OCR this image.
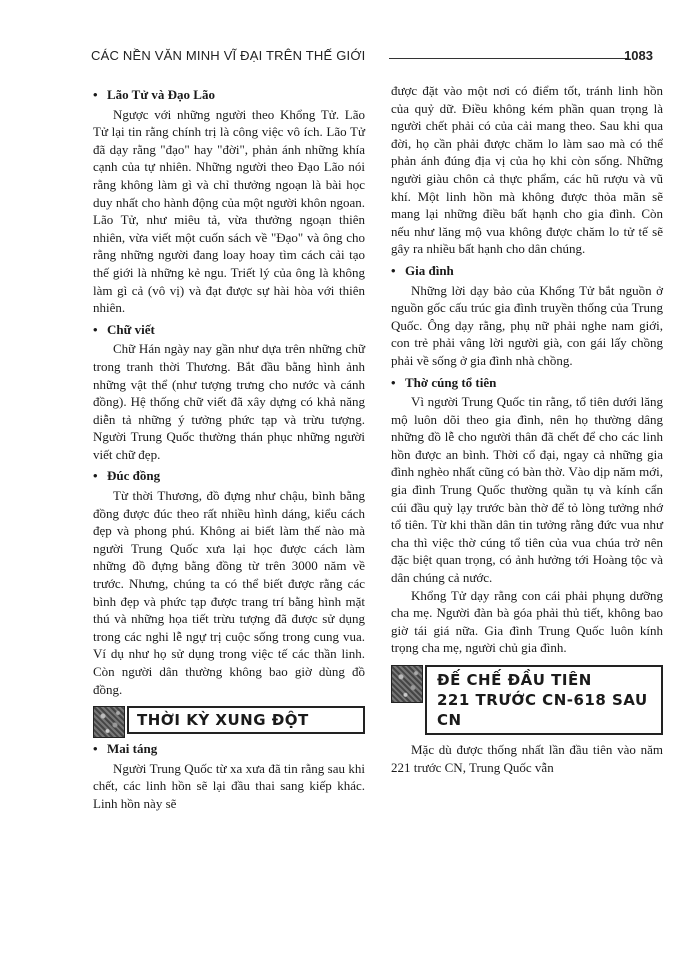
CÁC NỀN VĂN MINH VĨ ĐẠI TRÊN THẾ GIỚI	1083
• Lão Tử và Đạo Lão

Ngược với những người theo Khổng Tử. Lão Tử lại tin rằng chính trị là công việc vô ích. Lão Tử đã dạy rằng "đạo" hay "đời", phản ánh những khía cạnh của tự nhiên. Những người theo Đạo Lão nói rằng không làm gì và chỉ thưởng ngoạn là bài học duy nhất cho hành động của một người khôn ngoan. Lão Tử, như miêu tả, vừa thưởng ngoạn thiên nhiên, vừa viết một cuốn sách về "Đạo" và ông cho rằng những người đang loay hoay tìm cách cải tạo thế giới là những kẻ ngu. Triết lý của ông là không làm gì cả (vô vị) và đạt được sự hài hòa với thiên nhiên.

• Chữ viết

Chữ Hán ngày nay gần như dựa trên những chữ trong tranh thời Thương. Bắt đầu bằng hình ảnh những vật thể (như tượng trưng cho nước và cánh đồng). Hệ thống chữ viết đã xây dựng có khả năng diễn tả những ý tưởng phức tạp và trừu tượng. Người Trung Quốc thường thán phục những người viết chữ đẹp.

• Đúc đồng

Từ thời Thương, đồ đựng như chậu, bình bằng đồng được đúc theo rất nhiều hình dáng, kiểu cách đẹp và phong phú. Không ai biết làm thế nào mà người Trung Quốc xưa lại học được cách làm những đồ đựng bằng đồng từ trên 3000 năm về trước. Nhưng, chúng ta có thể biết được rằng các bình đẹp và phức tạp được trang trí bằng hình mặt thú và những họa tiết trừu tượng đã được sử dụng trong các nghi lễ ngự trị cuộc sống trong cung vua. Ví dụ như họ sử dụng trong việc tế các thần linh. Còn người dân thường không bao giờ dùng đồ đồng.

THỜI KỲ XUNG ĐỘT
• Mai táng

Người Trung Quốc từ xa xưa đã tin rằng sau khi chết, các linh hồn sẽ lại đầu thai sang kiếp khác. Linh hồn này sẽ

được đặt vào một nơi có điểm tốt, tránh linh hồn của quỷ dữ. Điều không kém phần quan trọng là người chết phải có của cải mang theo. Sau khi qua đời, họ cần phải được chăm lo làm sao mà có thể phản ánh đúng địa vị của họ khi còn sống. Những người giàu chôn cả thực phẩm, các hũ rượu và vũ khí. Một linh hồn mà không được thỏa mãn sẽ mang lại những điều bất hạnh cho gia đình. Còn nếu như lăng mộ vua không được chăm lo tử tế sẽ gây ra nhiều bất hạnh cho dân chúng.

• Gia đình

Những lời dạy bảo của Khổng Tử bắt nguồn ở nguồn gốc cấu trúc gia đình truyền thống của Trung Quốc. Ông dạy rằng, phụ nữ phải nghe nam giới, con trẻ phải vâng lời người già, con gái lấy chồng phải về sống ở gia đình nhà chồng.

• Thờ cúng tổ tiên

Vì người Trung Quốc tin rằng, tổ tiên dưới lăng mộ luôn dõi theo gia đình, nên họ thường dâng những đồ lễ cho người thân đã chết để cho các linh hồn được an bình. Thời cổ đại, ngay cả những gia đình nghèo nhất cũng có bàn thờ. Vào dịp năm mới, gia đình Trung Quốc thường quần tụ và kính cẩn cúi đầu quỳ lạy trước bàn thờ để tỏ lòng tưởng nhớ tổ tiên. Từ khi thần dân tin tưởng rằng đức vua như cha thì việc thờ cúng tổ tiên của vua chúa trở nên đặc biệt quan trọng, có ảnh hưởng tới Hoàng tộc và dân chúng cả nước.

Khổng Tử dạy rằng con cái phải phụng dưỡng cha mẹ. Người đàn bà góa phải thủ tiết, không bao giờ tái giá nữa. Gia đình Trung Quốc luôn kính trọng cha mẹ, người chủ gia đình.

ĐẾ CHẾ ĐẦU TIÊN
221 TRƯỚC CN-618 SAU CN

Mặc dù được thống nhất lần đầu tiên vào năm 221 trước CN, Trung Quốc vẫn
